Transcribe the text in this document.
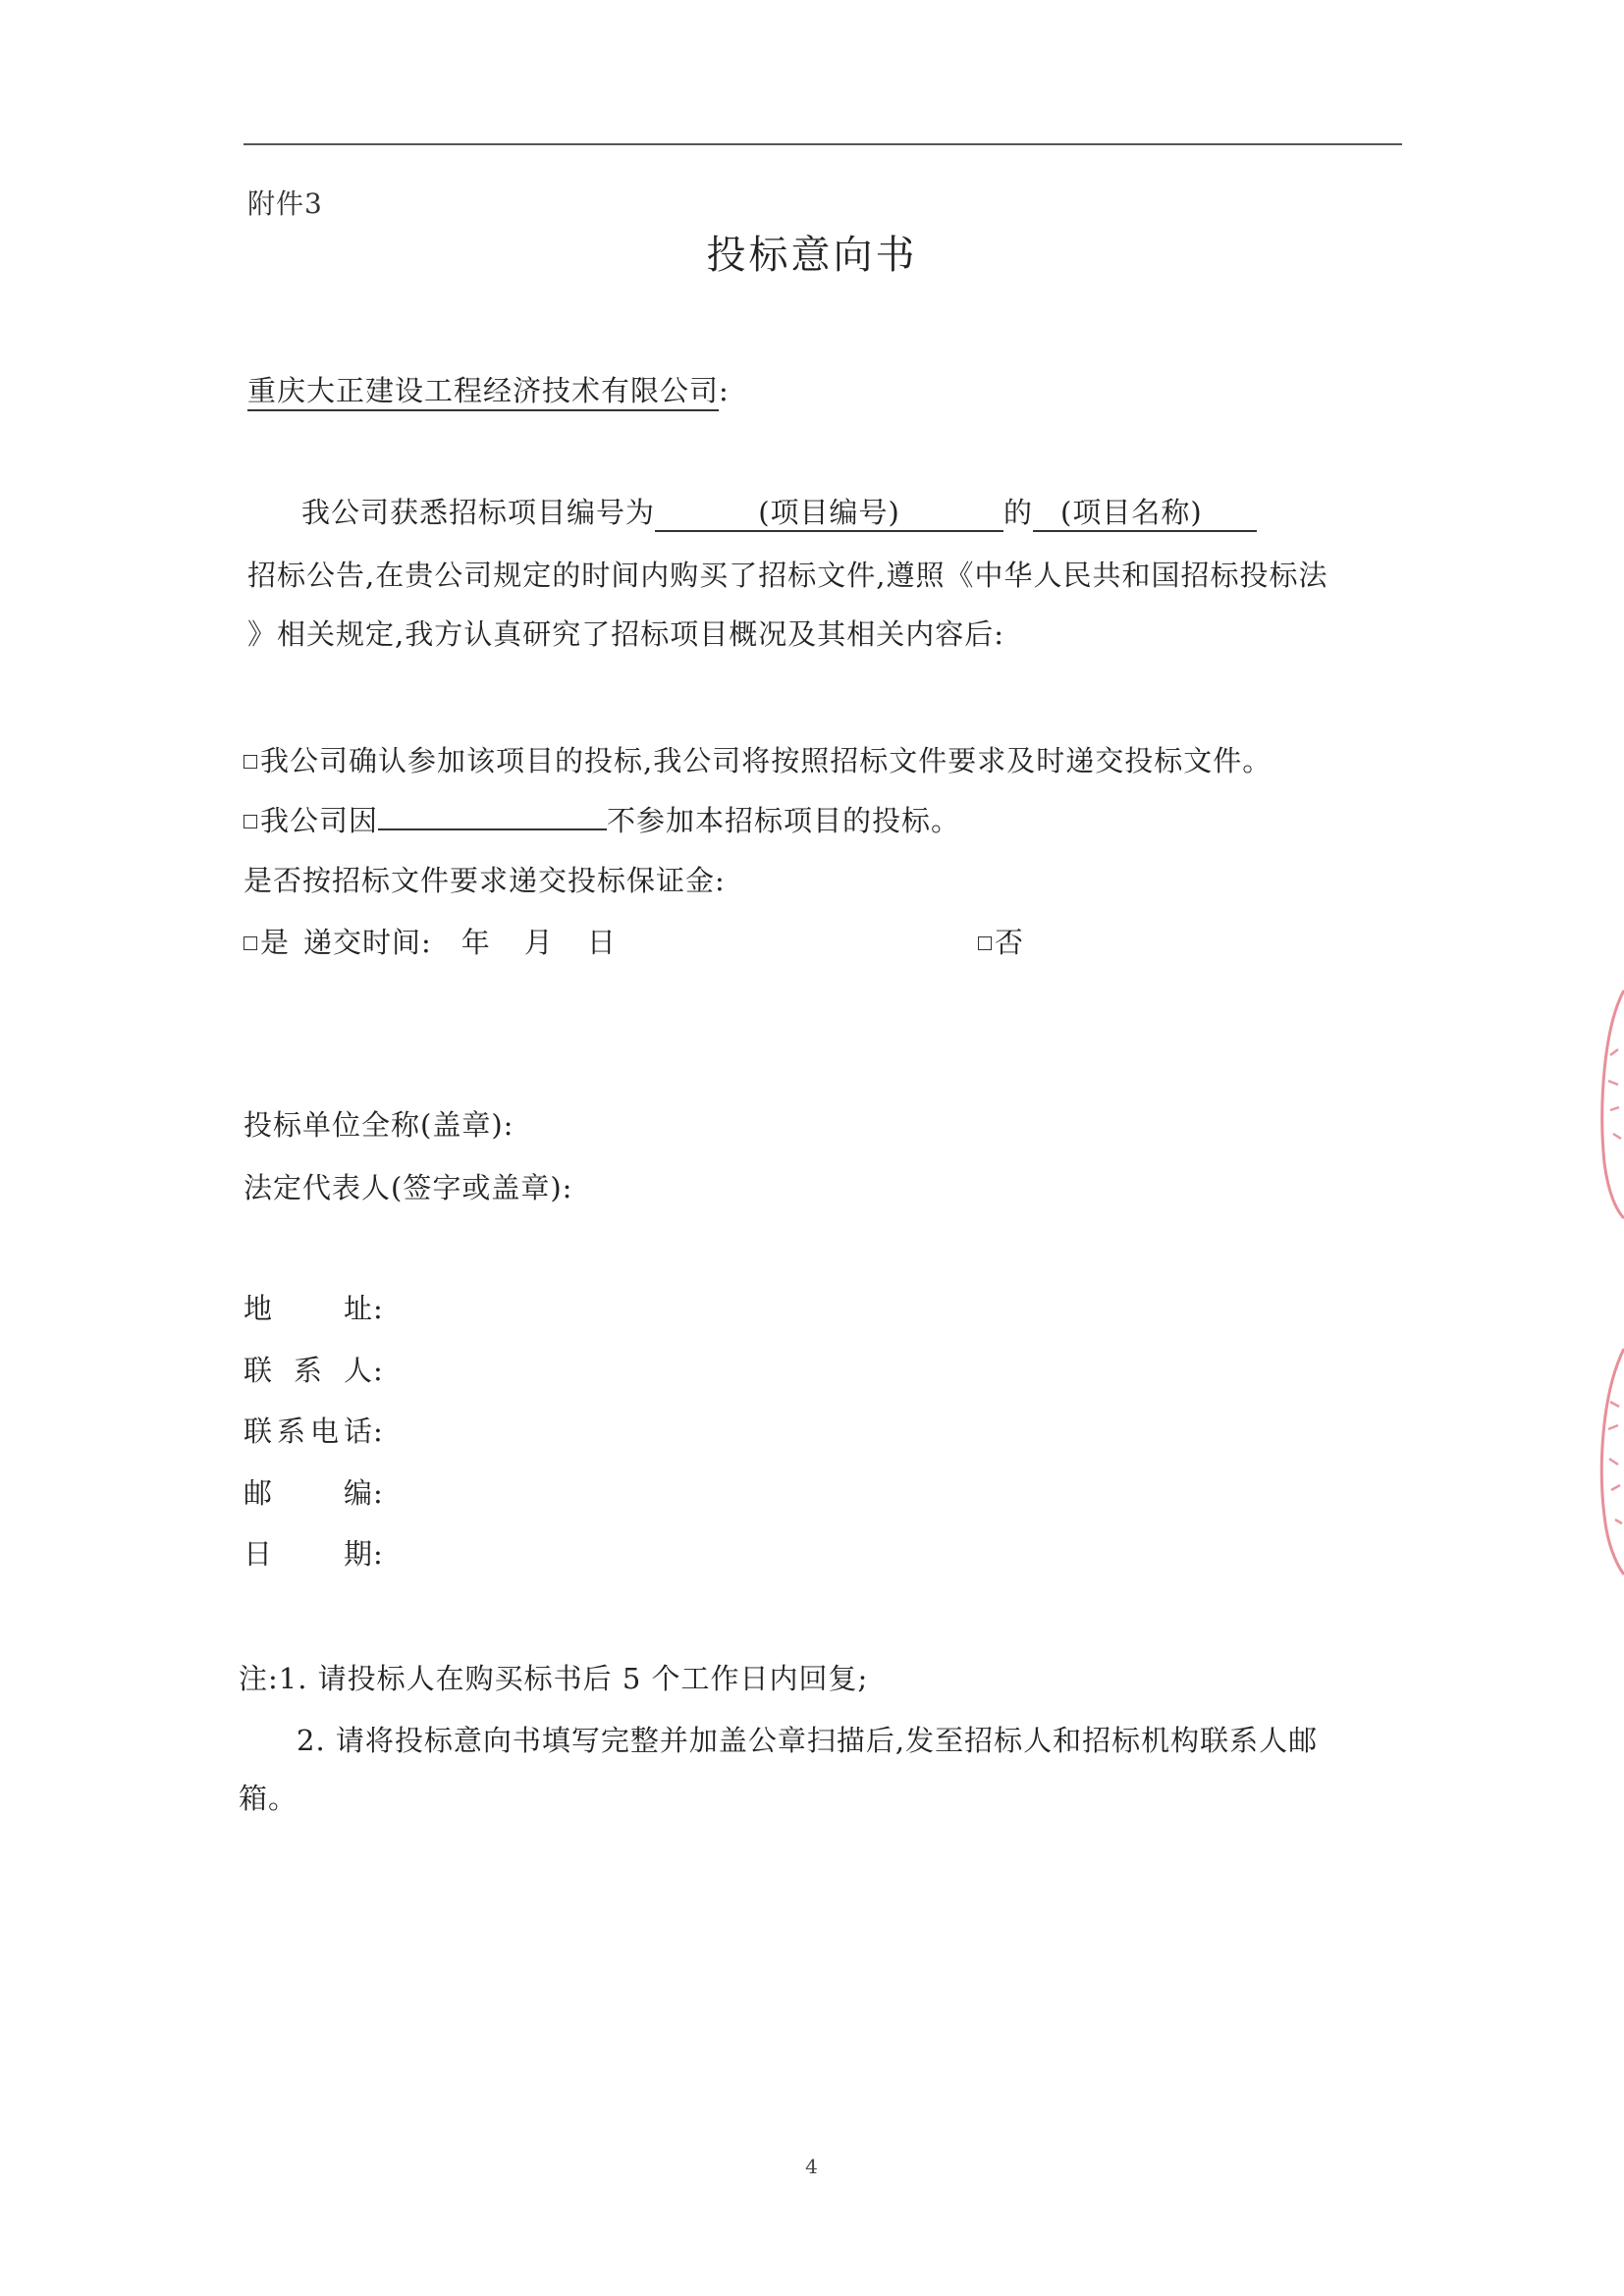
附件3
投标意向书
重庆大正建设工程经济技术有限公司:
我公司获悉招标项目编号为	(项目编号)	的 (项目名称)
招标公告,在贵公司规定的时间内购买了招标文件,遵照《中华人民共和国招标投标法
》相关规定,我方认真研究了招标项目概况及其相关内容后:
我公司确认参加该项目的投标,我公司将按照招标文件要求及时递交投标文件。
我公司因	不参加本招标项目的投标。
是否按招标文件要求递交投标保证金:
是 递交时间: 年 月 日	否
投标单位全称(盖章):
法定代表人(签字或盖章):
地址:
联系人:
联系电话:
邮编:
日期:
注:1. 请投标人在购买标书后 5 个工作日内回复;
2. 请将投标意向书填写完整并加盖公章扫描后,发至招标人和招标机构联系人邮
箱。
4
